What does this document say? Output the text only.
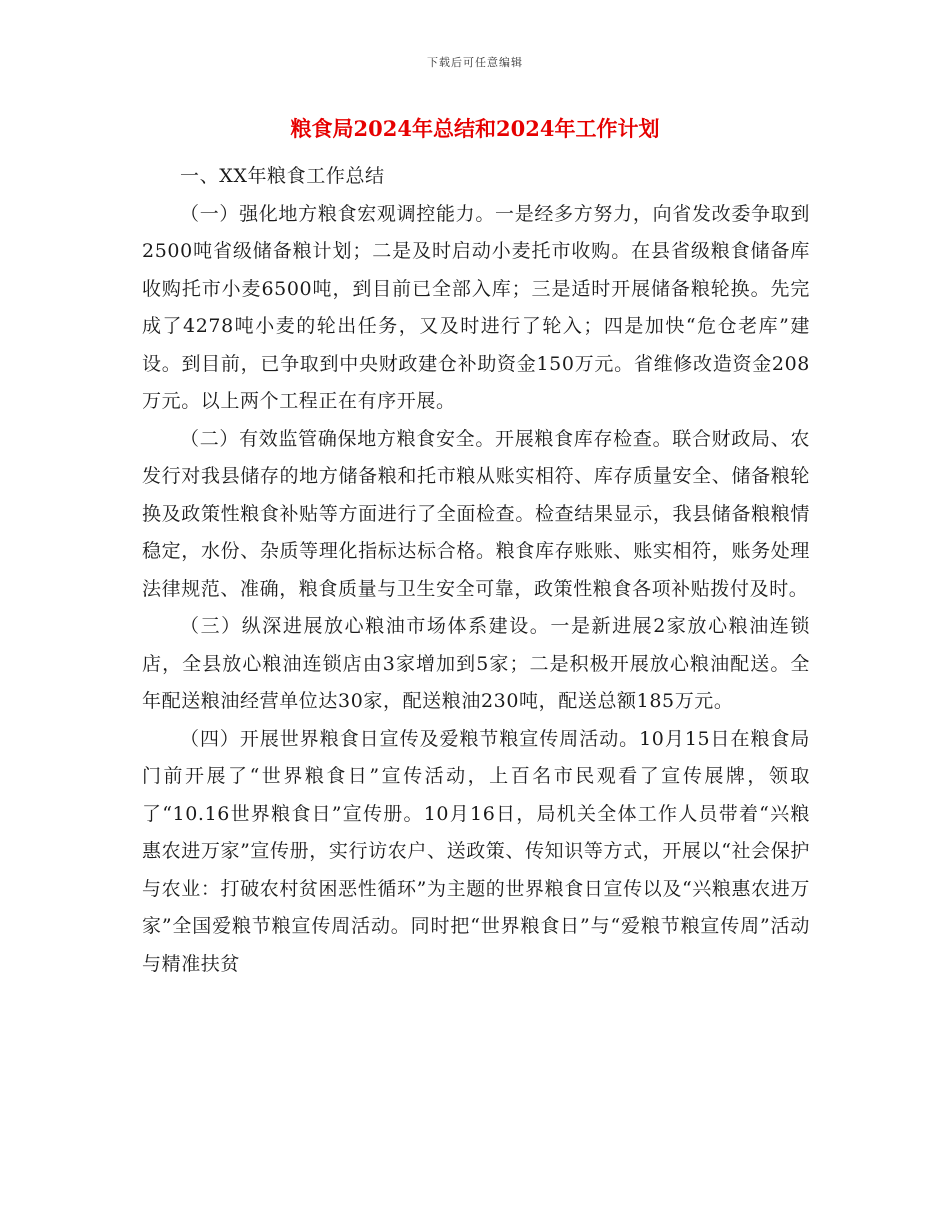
下载后可任意编辑
粮食局2024年总结和2024年工作计划

一、XX年粮食工作总结

（一）强化地方粮食宏观调控能力。一是经多方努力，向省发改委争取到2500吨省级储备粮计划；二是及时启动小麦托市收购。在县省级粮食储备库收购托市小麦6500吨，到目前已全部入库；三是适时开展储备粮轮换。先完成了4278吨小麦的轮出任务，又及时进行了轮入；四是加快“危仓老库”建设。到目前，已争取到中央财政建仓补助资金150万元。省维修改造资金208万元。以上两个工程正在有序开展。

（二）有效监管确保地方粮食安全。开展粮食库存检查。联合财政局、农发行对我县储存的地方储备粮和托市粮从账实相符、库存质量安全、储备粮轮换及政策性粮食补贴等方面进行了全面检查。检查结果显示，我县储备粮粮情稳定，水份、杂质等理化指标达标合格。粮食库存账账、账实相符，账务处理法律规范、准确，粮食质量与卫生安全可靠，政策性粮食各项补贴拨付及时。

（三）纵深进展放心粮油市场体系建设。一是新进展2家放心粮油连锁店，全县放心粮油连锁店由3家增加到5家；二是积极开展放心粮油配送。全年配送粮油经营单位达30家，配送粮油230吨，配送总额185万元。

（四）开展世界粮食日宣传及爱粮节粮宣传周活动。10月15日在粮食局门前开展了“世界粮食日”宣传活动，上百名市民观看了宣传展牌，领取了“10.16世界粮食日”宣传册。10月16日，局机关全体工作人员带着“兴粮惠农进万家”宣传册，实行访农户、送政策、传知识等方式，开展以“社会保护与农业：打破农村贫困恶性循环”为主题的世界粮食日宣传以及“兴粮惠农进万家”全国爱粮节粮宣传周活动。同时把“世界粮食日”与“爱粮节粮宣传周”活动与精准扶贫
